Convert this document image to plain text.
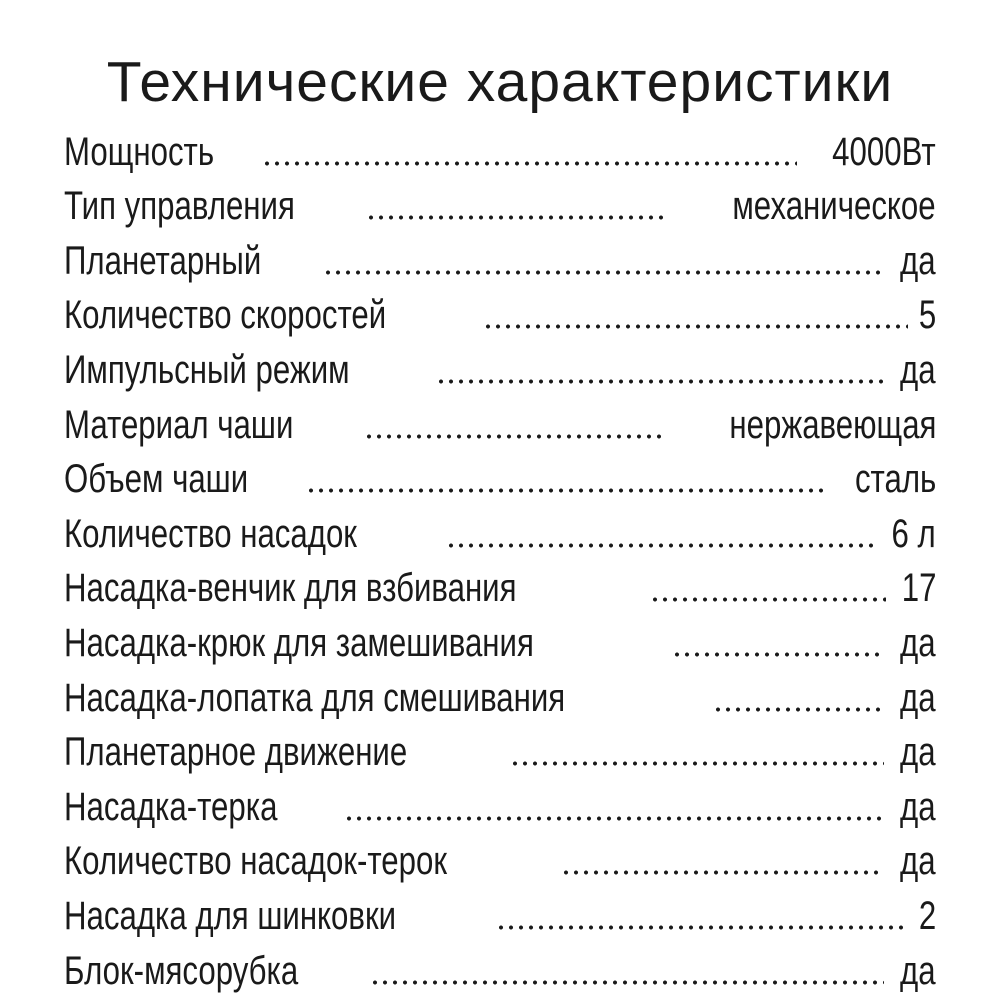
Технические характеристики
Мощность	4000Вт
Тип управления	механическое
Планетарный	да
Количество скоростей	5
Импульсный режим	да
Материал чаши	нержавеющая
Объем чаши	сталь
Количество насадок	6 л
Насадка-венчик для взбивания	17
Насадка-крюк для замешивания	да
Насадка-лопатка для смешивания	да
Планетарное движение	да
Насадка-терка	да
Количество насадок-терок	да
Насадка для шинковки	2
Блок-мясорубка	да
